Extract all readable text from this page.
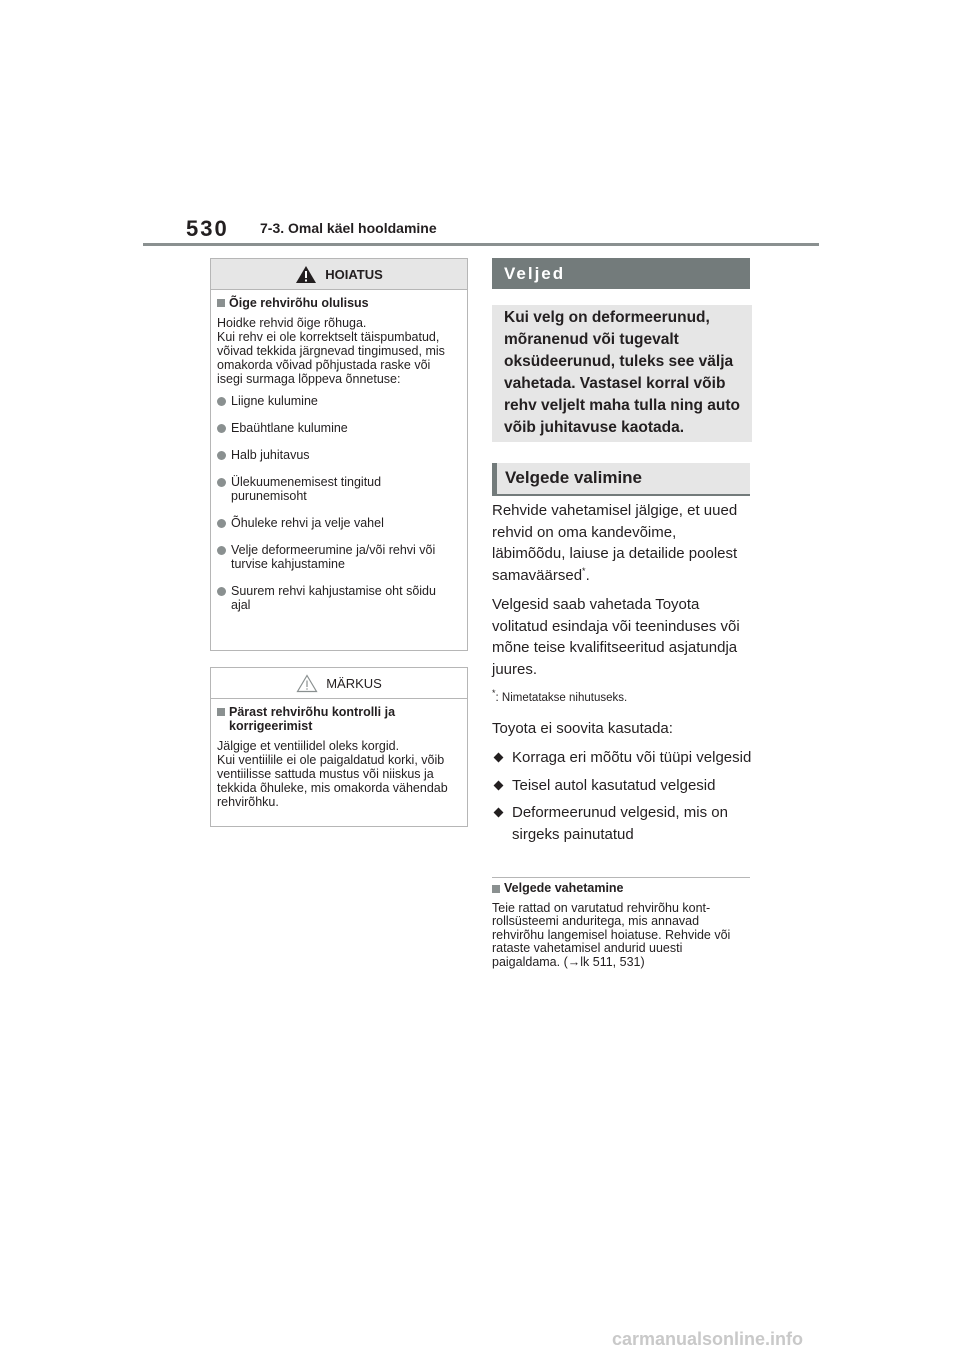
530 7-3. Omal käel hooldamine
HOIATUS
Õige rehvirõhu olulisus
Hoidke rehvid õige rõhuga.
Kui rehv ei ole korrektselt täispumbatud, võivad tekkida järgnevad tingimused, mis omakorda võivad põhjustada raske või isegi surmaga lõppeva õnnetuse:
Liigne kulumine
Ebaühtlane kulumine
Halb juhitavus
Ülekuumenemisest tingitud purunemisoht
Õhuleke rehvi ja velje vahel
Velje deformeerumine ja/või rehvi või turvise kahjustamine
Suurem rehvi kahjustamise oht sõidu ajal
MÄRKUS
Pärast rehvirõhu kontrolli ja korrigeerimist
Jälgige et ventiilidel oleks korgid.
Kui ventiilile ei ole paigaldatud korki, võib ventiilisse sattuda mustus või niiskus ja tekkida õhuleke, mis omakorda vähendab rehvirõhku.
Veljed
Kui velg on deformeerunud, mõranenud või tugevalt oksüdeerunud, tuleks see välja vahetada. Vastasel korral võib rehv veljelt maha tulla ning auto võib juhitavuse kaotada.
Velgede valimine

Rehvide vahetamisel jälgige, et uued rehvid on oma kandevõime, läbimõõdu, laiuse ja detailide poolest samaväärsed*.

Velgesid saab vahetada Toyota volitatud esindaja või teeninduses või mõne teise kvalifitseeritud asjatundja juures.

*: Nimetatakse nihutuseks.

Toyota ei soovita kasutada:

Korraga eri mõõtu või tüüpi velgesid
Teisel autol kasutatud velgesid
Deformeerunud velgesid, mis on sirgeks painutatud
Velgede vahetamine
Teie rattad on varutatud rehvirõhu kontrollsüsteemi anduritega, mis annavad rehvirõhu langemisel hoiatuse. Rehvide või rataste vahetamisel andurid uuesti paigaldama. (→lk 511, 531)
carmanualsonline.info
